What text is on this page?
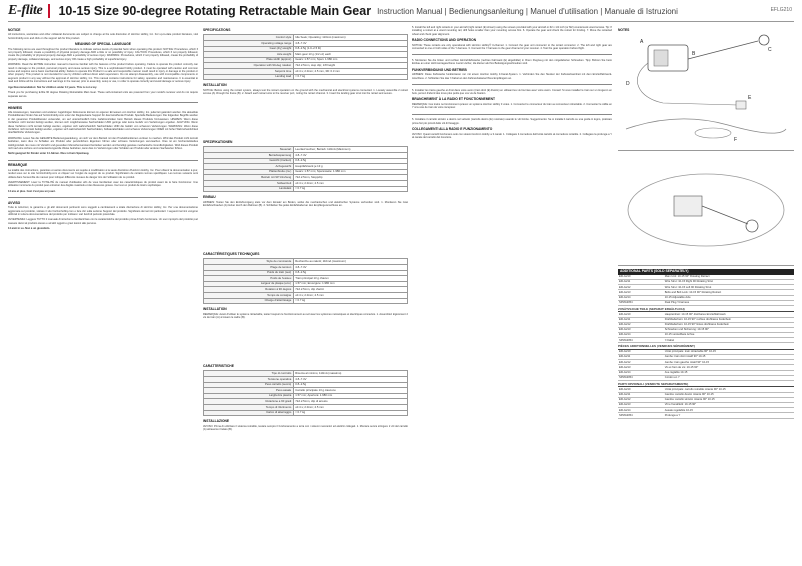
E-flite 10-15 Size 90-degree Rotating Retractable Main Gear Instruction Manual | Bedienungsanleitung | Manuel d'utilisation | Manuale di Istruzioni	EFLG210
NOTICE
All instructions, warranties and other collateral documents are subject to change at the sole discretion of Horizon Hobby, Inc. For up-to-date product literature, visit horizonhobby.com and click on the support tab for this product.
MEANING OF SPECIAL LANGUAGE
The following terms are used throughout the product literature to indicate various levels of potential harm when operating this product: NOTICE: Procedures, which if not properly followed, create a possibility of physical property damage AND a little or no possibility of injury. CAUTION: Procedures, which if not properly followed, create the probability of physical property damage AND a possibility of serious injury. WARNING: Procedures, which if not properly followed, create the probability of property damage, collateral damage, and serious injury OR create a high probability of superficial injury.
WARNING: Read the ENTIRE instruction manual to become familiar with the features of the product before operating. Failure to operate the product correctly can result in damage to the product, personal property and cause serious injury. This is a sophisticated hobby product. It must be operated with caution and common sense and requires some basic mechanical ability. Failure to operate this Product in a safe and responsible manner could result in injury or damage to the product or other property. This product is not intended for use by children without direct adult supervision. Do not attempt disassembly, use with incompatible components or augment product in any way without the approval of Horizon Hobby, Inc. This manual contains instructions for safety, operation and maintenance. It is essential to read and follow all the instructions and warnings in the manual, prior to assembly, setup or use, in order to operate correctly and avoid damage or serious injury.
Age Recommendation: Not for children under 14 years. This is not a toy.
Thank you for purchasing E-flite 90 degree Rotating Retractable Main Gear. These self-contained units are powered from your model's receiver and do not require separate servos.
HINWEIS
Alle Anweisungen, Garantien und anderen zugehörigen Dokumente können im eigenen Ermessen von Horizon Hobby, Inc. jederzeit geändert werden. Die aktuellste Produktliteratur finden Sie auf horizonhobby.com unter der Registerkarte Support für das betreffende Produkt. Spezielle Bedeutungen: Die folgenden Begriffe werden in der gesamten Produktliteratur verwendet, um auf unterschiedlich hohe Gefahrenrisiken beim Betrieb dieses Produkts hinzuweisen. HINWEIS: Wenn diese Verfahren nicht korrekt befolgt werden, können sich möglicherweise Sachschäden UND geringe oder keine Gefahr von Verletzungen ergeben. ACHTUNG: Wenn diese Verfahren nicht korrekt befolgt werden, ergeben sich wahrscheinlich Sachschäden UND die Gefahr von schweren Verletzungen. WARNUNG: Wenn diese Verfahren nicht korrekt befolgt werden, ergeben sich wahrscheinlich Sachschäden, Kollateralschäden und schwere Verletzungen ODER mit hoher Wahrscheinlichkeit oberflächliche Verletzungen.
WARNUNG: Lesen Sie die GESAMTE Bedienungsanleitung, um sich vor dem Betrieb mit den Produktfunktionen vertraut zu machen. Wird das Produkt nicht korrekt betrieben, kann dies zu Schäden am Produkt oder persönlichem Eigentum führen oder schwere Verletzungen verursachen. Dies ist ein hochentwickeltes Hobbyprodukt. Es muss mit Vorsicht und gesundem Menschenverstand betrieben werden und benötigt gewisse mechanische Grundfertigkeiten. Wird dieses Produkt nicht auf eine sichere und verantwortungsvolle Weise betrieben, kann dies zu Verletzungen oder Schäden am Produkt oder anderen Sachwerten führen.
Nicht geeignet für Kinder unter 14 Jahren. Dies ist kein Spielzeug.
REMARQUE
La totalité des instructions, garanties et autres documents est sujette à modification à la seule discrétion d'Horizon Hobby, Inc. Pour obtenir la documentation à jour, rendez-vous sur le site horizonhobby.com et cliquez sur l'onglet de support de ce produit. Signification de certains termes spécifiques: Les termes suivants sont utilisés dans l'ensemble du manuel pour indiquer différents niveaux de danger lors de l'utilisation de ce produit.
AVERTISSEMENT: Lisez la TOTALITÉ du manuel d'utilisation afin de vous familiariser avec les caractéristiques du produit avant de le faire fonctionner. Une utilisation incorrecte du produit peut entraîner des dégâts matériels et des blessures graves. Ceci est un produit de loisirs sophistiqué.
14 ans et plus. Ceci n'est pas un jouet.
AVVISO
Tutte le istruzioni, le garanzie e gli altri documenti pertinenti sono soggetti a cambiamenti a totale discrezione di Horizon Hobby, Inc. Per una documentazione aggiornata sul prodotto, visitare il sito horizonhobby.com e fare clic sulla sezione Support del prodotto. Significato dei termini particolari: I seguenti termini vengono utilizzati in tutta la documentazione del prodotto per indicare i vari livelli di pericolo potenziale.
AVVERTENZA: Leggere TUTTO il manuale di istruzioni e familiarizzare con le caratteristiche del prodotto prima di farlo funzionare. Un uso improprio del prodotto può causare danni al prodotto stesso e ad altri oggetti e gravi lesioni alle persone.
14 anni in su. Non è un giocattolo.
SPECIFICATIONS
Control style	Idle Seek; Operating: 110mA (maximum)
Operating voltage range	4.8–7.4V
Gear (dry) weight	0.8–2.5g (1.0–2.5 lb)
Axle weight	Main gear 13 g (1/2 oz) each
Plate width (approx)	Gears: 1.57 mm; Span: 1.980 mm
Operation with 90-deg rotation	72A 2.5mm, stop clip; 1/8 height
Setpoint time	≥0.4 s; 2.0mm; 4.5 mm, 3D: 0.3 mm
Landing load	≈ 0.7 kg
INSTALLATION
NOTICE: Before using the retract system, always test the retract operation on the ground with the mechanical and electrical systems connected. 1. Loosely assemble 2 retract screws (A) through the frame (B). 2. Attach each retract wire to the receiver port, noting the retract channel. 3. Insert the landing gear strut into the retract and secure.
SPEZIFIKATIONEN
Steuerart	Leerlauf suchen; Betrieb: 110mA (Maximum)
Betriebsspannung	4.8–7.4V
Gewicht (trocken)	0.8–2.5g
Achsgewicht	Hauptfahrwerk je 13 g
Plattenbreite (ca.)	Gears: 1.57 mm; Spannweite: 1.980 mm
Betrieb mit 90°-Drehung	72A 2.5mm, Stoppclip
Sollwertzeit	≥0.4 s; 2.0mm; 4.5 mm
Landelast	≈ 0.7 kg
EINBAU
HINWEIS: Testen Sie den Einfahrvorgang stets vor dem Einsatz am Boden, wobei die mechanischen und elektrischen Systeme verbunden sind. 1. Montieren Sie zwei Einfahrschrauben (A) locker durch den Rahmen (B). 2. Schließen Sie jedes Einfahrkabel an den Empfängeranschluss an.
CARACTÉRISTIQUES TECHNIQUES
Style de commande	Recherche au ralenti; 110mA (maximum)
Plage de tension	4.8–7.4V
Poids du train (sec)	0.8–2.5g
Poids de l'essieu	Train principal 13 g chacun
Largeur de plaque (env.)	1.57 mm; Envergure: 1.980 mm
Rotation à 90 degrés	72A 2.5mm, clip d'arrêt
Temps de consigne	≥0.4 s; 2.0mm; 4.5 mm
Charge d'atterrissage	≈ 0.7 kg
INSTALLATION
REMARQUE: Avant d'utiliser le système rétractable, testez toujours le fonctionnement au sol avec les systèmes mécaniques et électriques connectés. 1. Assemblez légèrement 2 vis de train (A) à travers le cadre (B).
CARATTERISTICHE
Tipo di controllo	Ricerca al minimo; 110mA (massimo)
Tensione operativa	4.8–7.4V
Peso carrello (secco)	0.8–2.5g
Peso assale	Carrello principale 13 g ciascuno
Larghezza piastra	1.57 mm; Apertura: 1.980 mm
Rotazione a 90 gradi	72A 2.5mm, clip di arresto
Tempo di riferimento	≥0.4 s; 2.0mm; 4.5 mm
Carico di atterraggio	≈ 0.7 kg
INSTALLAZIONE
AVVISO: Prima di utilizzare il sistema retrattile, testare sempre il funzionamento a terra con i sistemi meccanici ed elettrici collegati. 1. Montare senza stringere 2 viti del carrello (A) attraverso il telaio (B).
5. Install the left and right retracts in your aircraft (right retract (E) shown) using the screws provided with your aircraft or #2 x 1/2 inch (or M2) countersunk wood screws. Tip: If installing a retract at a wood mounting rail, drill holes smaller than your mounting screws first. 6. Operate the gear and check the retract for binding. 7. Move the retracted wheel and check gear alignment.
RADIO CONNECTIONS AND OPERATION
NOTICE: These retracts are only operational with Horizon Hobby® 3-channel. 1. Connect the gear unit connector to the retract connector. 2. The left and right gear are connected to one or both sides of the Y-harness. 3. Connect the Y-harness to the gear channel of your receiver. 4. Test the gear operation before flight.
5. Montieren Sie die linken und rechten Einziehfahrwerke (rechtes Fahrwerk (E) abgebildet) in Ihrem Flugzeug mit den mitgelieferten Schrauben. Tipp: Bohren Sie beim Einbau an einer Holzmontageschiene zuerst Löcher, die kleiner als Ihre Befestigungsschrauben sind.
FUNKVERBINDUNG UND BETRIEB
HINWEIS: Diese Fahrwerke funktionieren nur mit einem Horizon Hobby 3-Kanal-System. 1. Verbinden Sie den Stecker der Fahrwerkseinheit mit dem Einziehfahrwerk-Anschluss. 2. Schließen Sie das Y-Kabel an den Fahrwerkskanal Ihres Empfängers an.
5. Installez les trains gauche et droit dans votre avion (train droit (E) illustré) en utilisant les vis fournies avec votre avion. Conseil: Si vous installez le train sur un longeron en bois, percez d'abord des trous plus petits que vos vis de fixation.
BRANCHEMENT À LA RADIO ET FONCTIONNEMENT
REMARQUE: Ces trains ne fonctionnent qu'avec un système Horizon Hobby 3 voies. 1. Connectez le connecteur du train au connecteur rétractable. 2. Connectez le câble en Y à la voie de train de votre récepteur.
5. Installare il carrello sinistro e destro nel velivolo (carrello destro (E) mostrato) usando le viti fornite. Suggerimento: Se si installa il carrello su una guida in legno, praticare prima fori più piccoli delle viti di fissaggio.
COLLEGAMENTI ALLA RADIO E FUNZIONAMENTO
AVVISO: Questi carrelli funzionano solo con sistemi Horizon Hobby a 3 canali. 1. Collegare il connettore dell'unità carrello al connettore retrattile. 2. Collegare la prolunga a Y al canale del carrello del ricevitore.
NOTES
A
B
C
D
E
F
ADDITIONAL PARTS (SOLD SEPARATELY)
EFLG210	Main Unit: 10-15 90° Rotating Retract
EFLG211	Wire Strut: 10-15 Right 90 Rotating Strut
EFLG212	Wire Strut: 10-15 Left 90 Rotating Strut
EFLG213	Bolts and Bolt Lock: 10-15 90° Rotating Retract
EFLG214	10-15 Adjustable Axle
SPMA3054	Dual Plug Y-harness
ZUSÄTZLICHE TEILE (SEPARAT ERHÄLTLICH)
EFLG210	Haupteinheit: 10-15 90° drehbares Einziehfahrwerk
EFLG211	Drahtfederbein: 10-15 90° rechtes drehbares Federbein
EFLG212	Drahtfederbein: 10-15 90° linkes drehbares Federbein
EFLG213	Schrauben und Sicherung: 10-15 90°
EFLG214	10-15 verstellbare Achse
SPMA3054	Y-Kabel
PIÈCES ADDITIONNELLES (VENDUES SÉPARÉMENT)
EFLG210	Unité principale: train rétractable 90° 10-15
EFLG211	Jambe: train droit rotatif 90° 10-15
EFLG212	Jambe: train gauche rotatif 90° 10-15
EFLG213	Vis et frein de vis: 10-15 90°
EFLG214	Axe réglable 10-15
SPMA3054	Cordon en Y
PARTI OPZIONALI (VENDUTE SEPARATAMENTE)
EFLG210	Unità principale: carrello retrattile rotante 90° 10-15
EFLG211	Gamba: carrello destro rotante 90° 10-15
EFLG212	Gamba: carrello sinistro rotante 90° 10-15
EFLG213	Viti e frenafiletti: 10-15 90°
EFLG214	Assale regolabile 10-15
SPMA3054	Prolunga a Y
